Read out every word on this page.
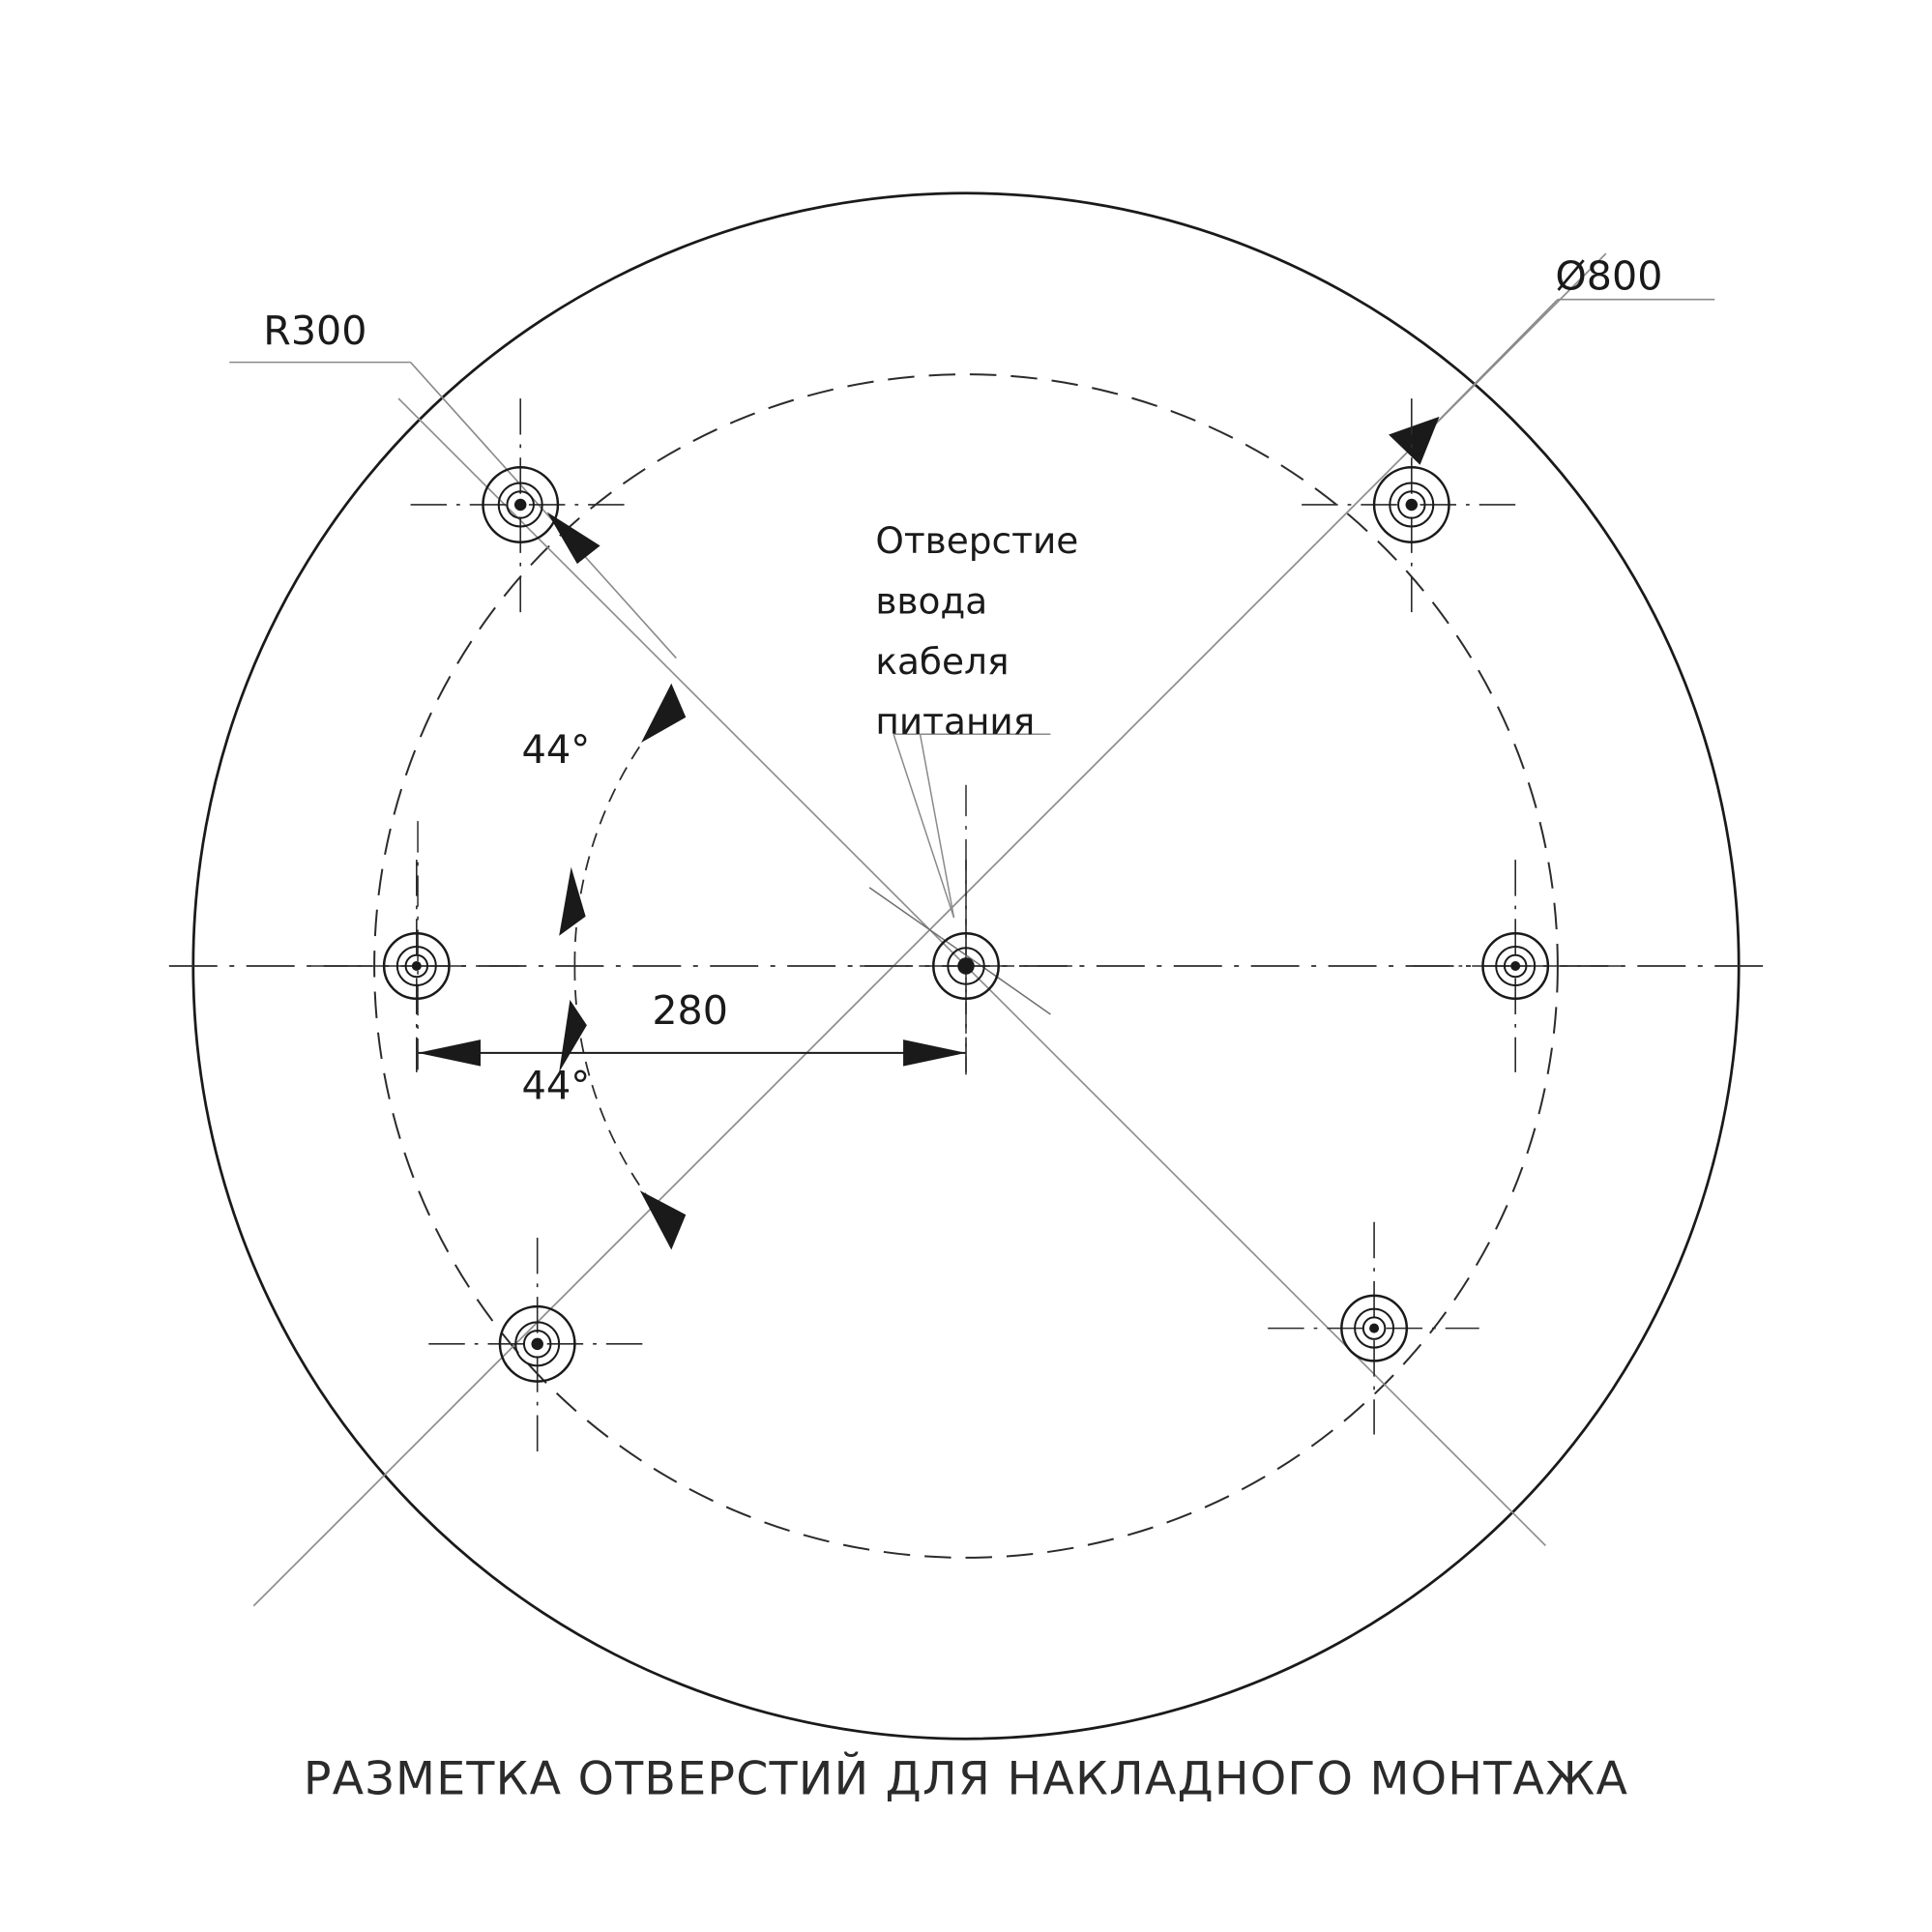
R300
Ø800
44°
44°
280
Отверстие
ввода
кабеля
питания
РАЗМЕТКА ОТВЕРСТИЙ ДЛЯ НАКЛАДНОГО МОНТАЖА
